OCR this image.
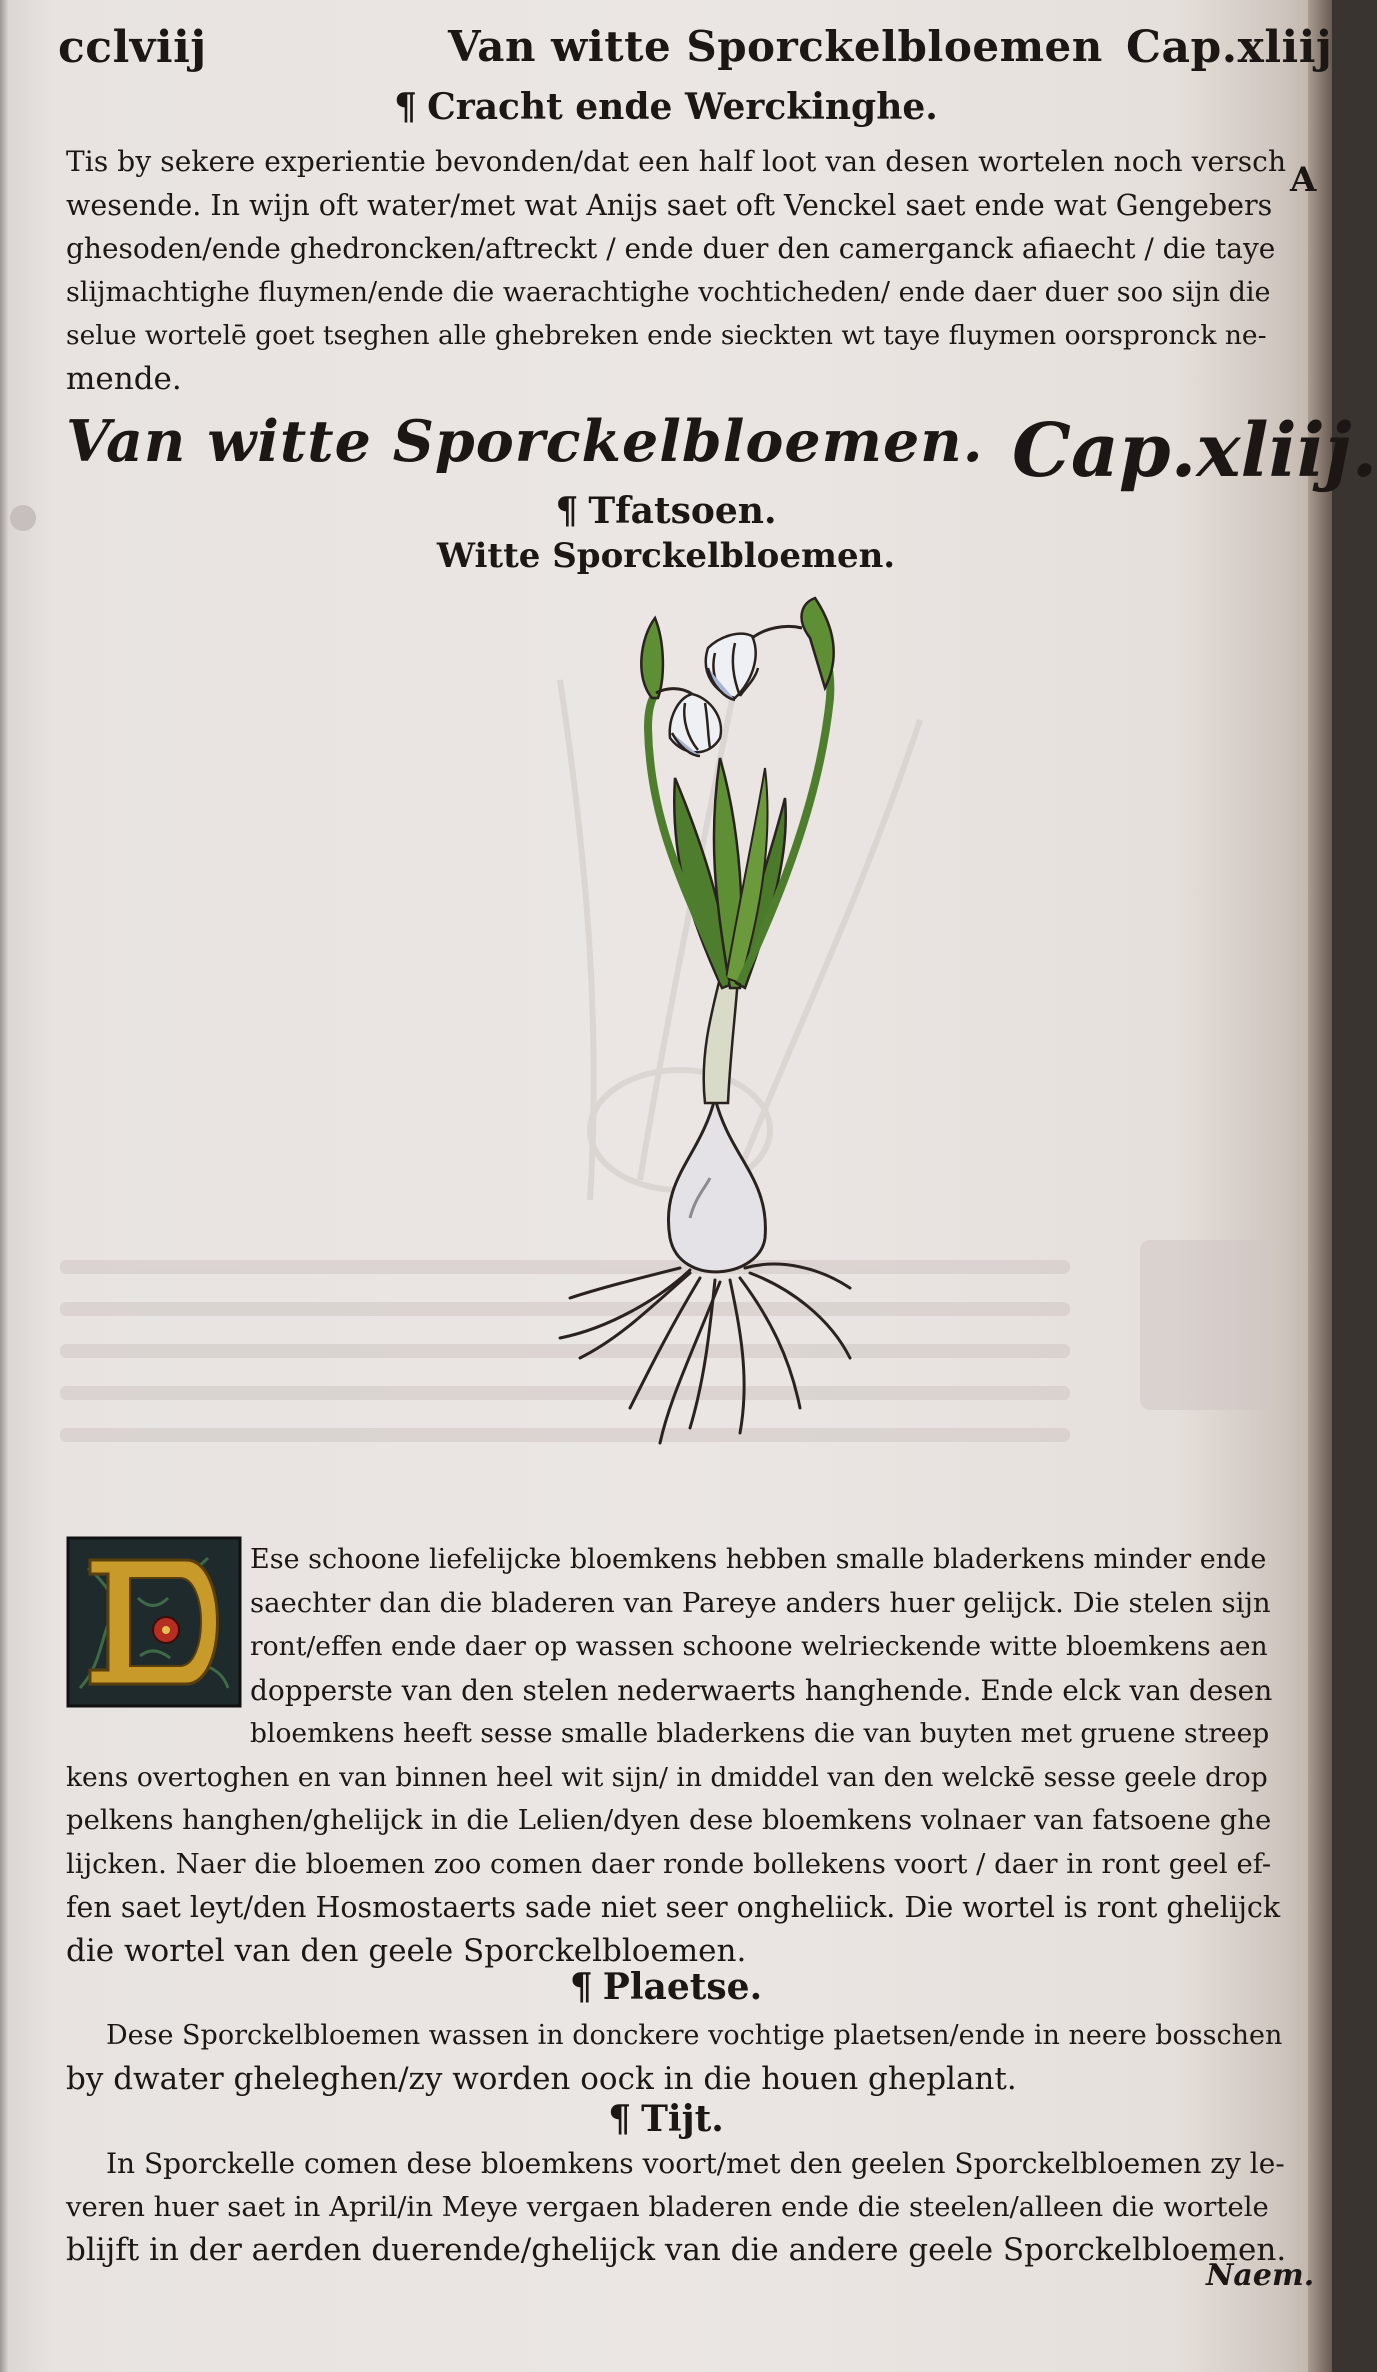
cclviij	Van witte Sporckelbloemen Cap.xliij
¶ Cracht ende Werckinghe.
Tis by sekere experientie bevonden/dat een half loot van desen wortelen noch versch
wesende. In wijn oft water/met wat Anijs saet oft Venckel saet ende wat Gengebers
ghesoden/ende ghedroncken/aftreckt / ende duer den camerganck afiaecht / die taye
slijmachtighe fluymen/ende die waerachtighe vochticheden/ ende daer duer soo sijn die
selue wortelē goet tseghen alle ghebreken ende sieckten wt taye fluymen oorspronck ne-
mende.
A
Van witte Sporckelbloemen. Cap.xliij.
¶ Tfatsoen.
Witte Sporckelbloemen.
Ese schoone liefelijcke bloemkens hebben smalle bladerkens minder ende
saechter dan die bladeren van Pareye anders huer gelijck. Die stelen sijn
ront/effen ende daer op wassen schoone welrieckende witte bloemkens aen
dopperste van den stelen nederwaerts hanghende. Ende elck van desen
bloemkens heeft sesse smalle bladerkens die van buyten met gruene streep
kens overtoghen en van binnen heel wit sijn/ in dmiddel van den welckē sesse geele drop
pelkens hanghen/ghelijck in die Lelien/dyen dese bloemkens volnaer van fatsoene ghe
lijcken. Naer die bloemen zoo comen daer ronde bollekens voort / daer in ront geel ef-
fen saet leyt/den Hosmostaerts sade niet seer ongheliick. Die wortel is ront ghelijck
die wortel van den geele Sporckelbloemen.
¶ Plaetse.
Dese Sporckelbloemen wassen in donckere vochtige plaetsen/ende in neere bosschen
by dwater gheleghen/zy worden oock in die houen gheplant.
¶ Tijt.
In Sporckelle comen dese bloemkens voort/met den geelen Sporckelbloemen zy le-
veren huer saet in April/in Meye vergaen bladeren ende die steelen/alleen die wortele
blijft in der aerden duerende/ghelijck van die andere geele Sporckelbloemen.
Naem.
